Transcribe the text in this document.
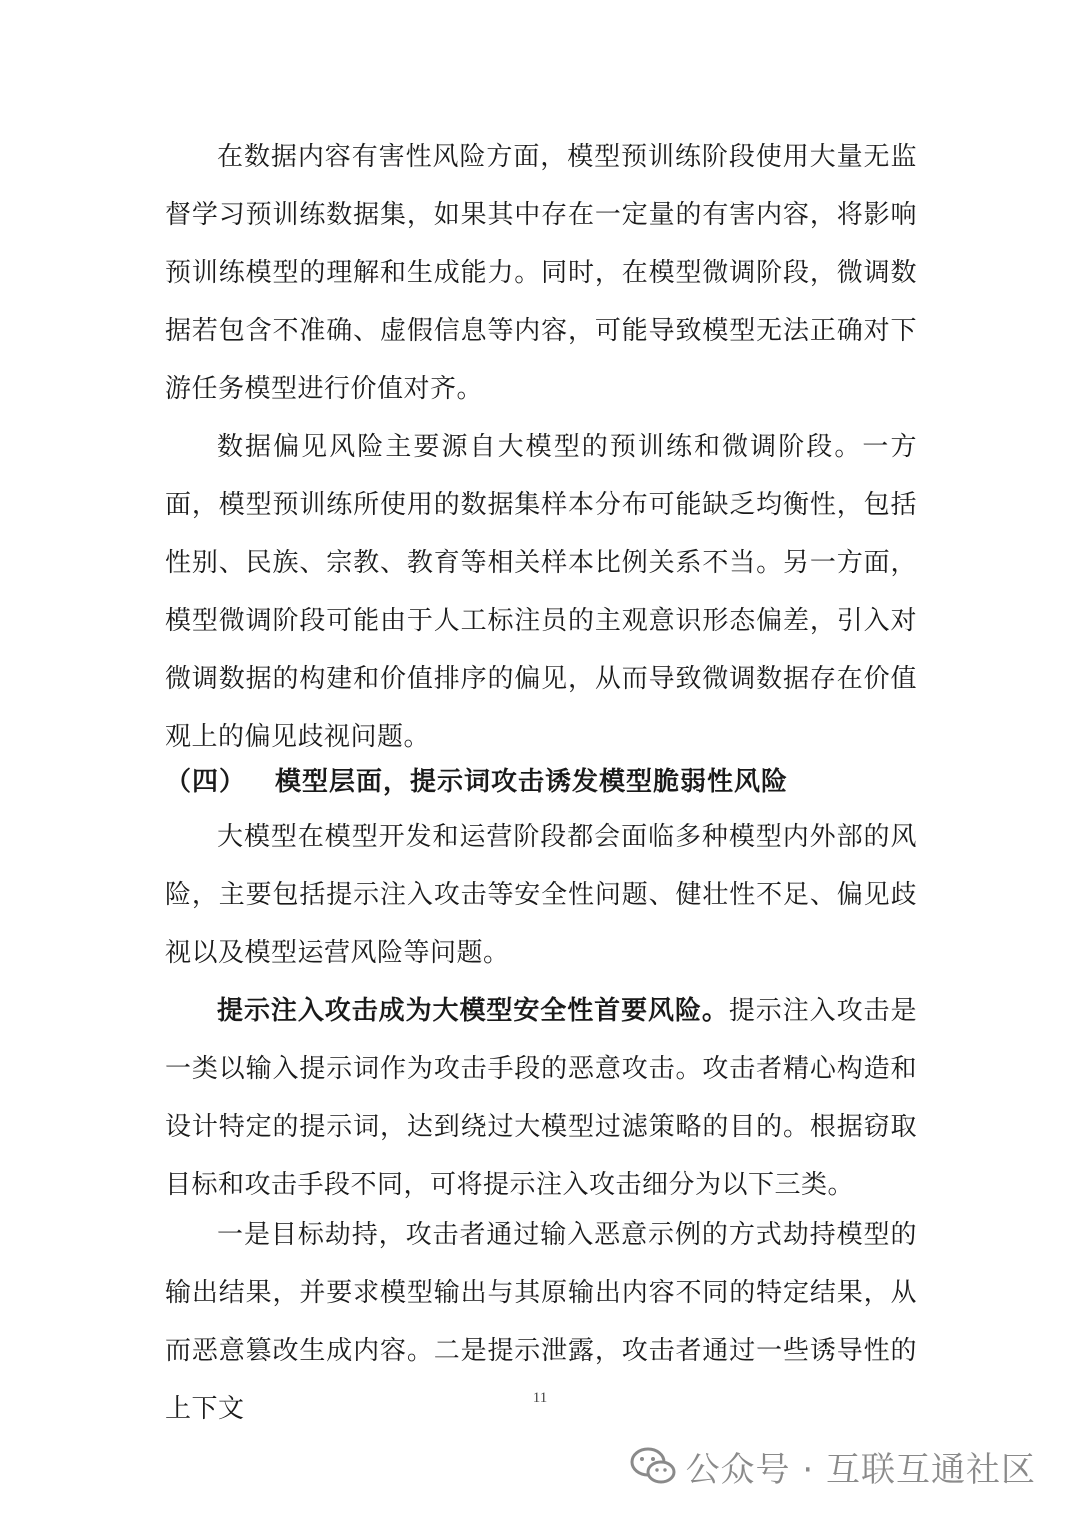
在数据内容有害性风险方面，模型预训练阶段使用大量无监督学习预训练数据集，如果其中存在一定量的有害内容，将影响预训练模型的理解和生成能力。同时，在模型微调阶段，微调数据若包含不准确、虚假信息等内容，可能导致模型无法正确对下游任务模型进行价值对齐。

数据偏见风险主要源自大模型的预训练和微调阶段。一方面，模型预训练所使用的数据集样本分布可能缺乏均衡性，包括性别、民族、宗教、教育等相关样本比例关系不当。另一方面，模型微调阶段可能由于人工标注员的主观意识形态偏差，引入对微调数据的构建和价值排序的偏见，从而导致微调数据存在价值观上的偏见歧视问题。

（四） 模型层面，提示词攻击诱发模型脆弱性风险

大模型在模型开发和运营阶段都会面临多种模型内外部的风险，主要包括提示注入攻击等安全性问题、健壮性不足、偏见歧视以及模型运营风险等问题。

提示注入攻击成为大模型安全性首要风险。提示注入攻击是一类以输入提示词作为攻击手段的恶意攻击。攻击者精心构造和设计特定的提示词，达到绕过大模型过滤策略的目的。根据窃取目标和攻击手段不同，可将提示注入攻击细分为以下三类。

一是目标劫持，攻击者通过输入恶意示例的方式劫持模型的输出结果，并要求模型输出与其原输出内容不同的特定结果，从而恶意篡改生成内容。二是提示泄露，攻击者通过一些诱导性的上下文	11
公众号 · 互联互通社区
